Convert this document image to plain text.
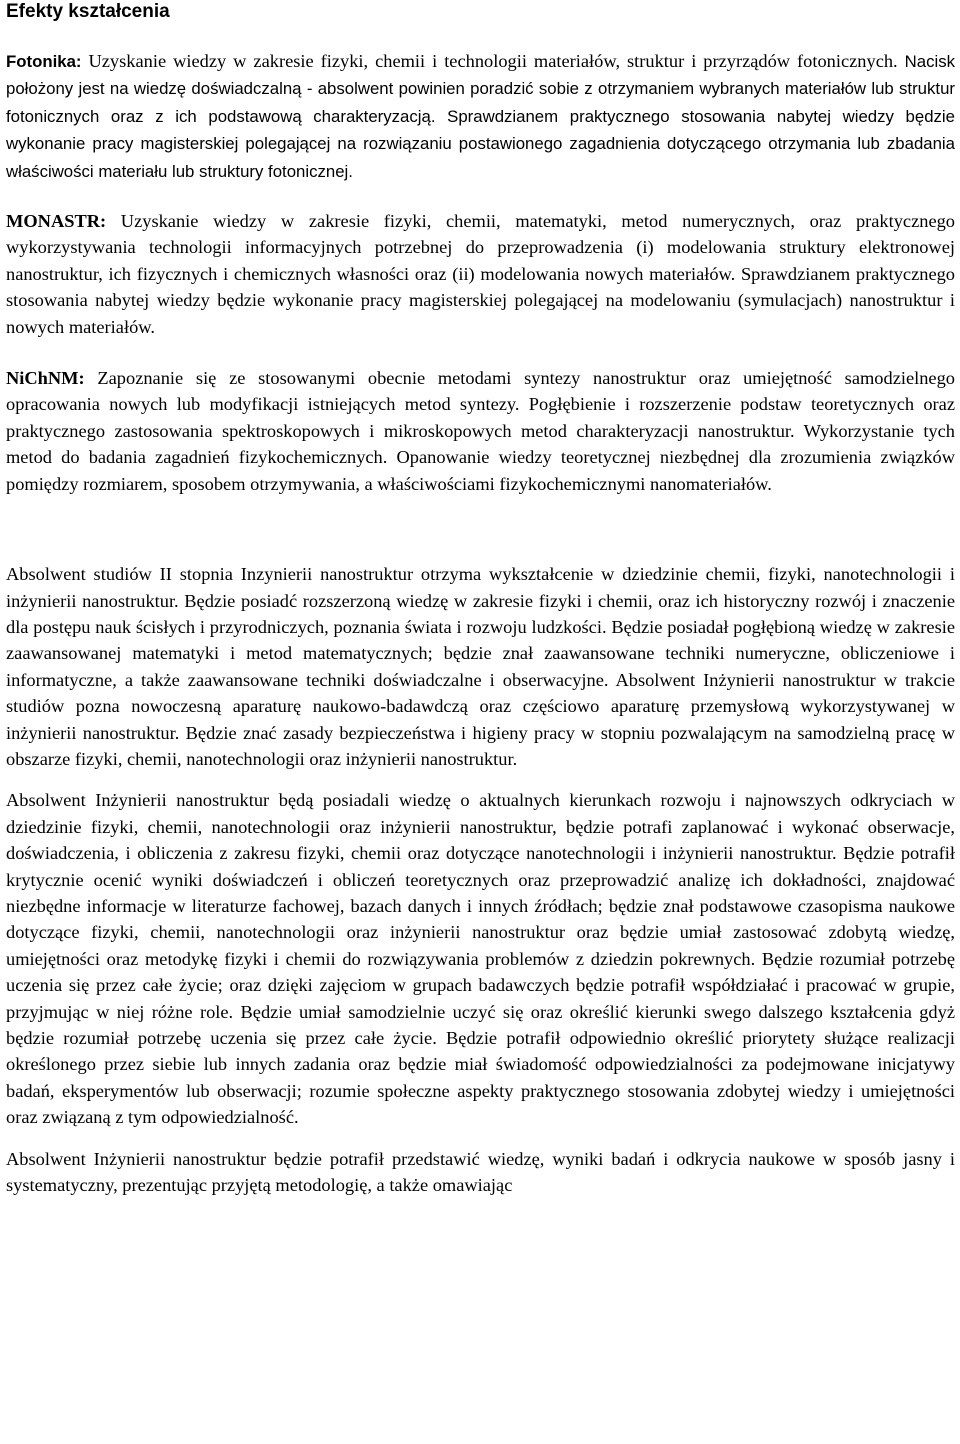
Efekty kształcenia

Fotonika: Uzyskanie wiedzy w zakresie fizyki, chemii i technologii materiałów, struktur i przyrządów fotonicznych. Nacisk położony jest na wiedzę doświadczalną - absolwent powinien poradzić sobie z otrzymaniem wybranych materiałów lub struktur fotonicznych oraz z ich podstawową charakteryzacją. Sprawdzianem praktycznego stosowania nabytej wiedzy będzie wykonanie pracy magisterskiej polegającej na rozwiązaniu postawionego zagadnienia dotyczącego otrzymania lub zbadania właściwości materiału lub struktury fotonicznej.

MONASTR: Uzyskanie wiedzy w zakresie fizyki, chemii, matematyki, metod numerycznych, oraz praktycznego wykorzystywania technologii informacyjnych potrzebnej do przeprowadzenia (i) modelowania struktury elektronowej nanostruktur, ich fizycznych i chemicznych własności oraz (ii) modelowania nowych materiałów. Sprawdzianem praktycznego stosowania nabytej wiedzy będzie wykonanie pracy magisterskiej polegającej na modelowaniu (symulacjach) nanostruktur i nowych materiałów.

NiChNM: Zapoznanie się ze stosowanymi obecnie metodami syntezy nanostruktur oraz umiejętność samodzielnego opracowania nowych lub modyfikacji istniejących metod syntezy. Pogłębienie i rozszerzenie podstaw teoretycznych oraz praktycznego zastosowania spektroskopowych i mikroskopowych metod charakteryzacji nanostruktur. Wykorzystanie tych metod do badania zagadnień fizykochemicznych. Opanowanie wiedzy teoretycznej niezbędnej dla zrozumienia związków pomiędzy rozmiarem, sposobem otrzymywania, a właściwościami fizykochemicznymi nanomateriałów.

Absolwent studiów II stopnia Inzynierii nanostruktur otrzyma wykształcenie w dziedzinie chemii, fizyki, nanotechnologii i inżynierii nanostruktur. Będzie posiadć rozszerzoną wiedzę w zakresie fizyki i chemii, oraz ich historyczny rozwój i znaczenie dla postępu nauk ścisłych i przyrodniczych, poznania świata i rozwoju ludzkości. Będzie posiadał pogłębioną wiedzę w zakresie zaawansowanej matematyki i metod matematycznych; będzie znał zaawansowane techniki numeryczne, obliczeniowe i informatyczne, a także zaawansowane techniki doświadczalne i obserwacyjne. Absolwent Inżynierii nanostruktur w trakcie studiów pozna nowoczesną aparaturę naukowo-badawdczą oraz częściowo aparaturę przemysłową wykorzystywanej w inżynierii nanostruktur. Będzie znać zasady bezpieczeństwa i higieny pracy w stopniu pozwalającym na samodzielną pracę w obszarze fizyki, chemii, nanotechnologii oraz inżynierii nanostruktur.

Absolwent Inżynierii nanostruktur będą posiadali wiedzę o aktualnych kierunkach rozwoju i najnowszych odkryciach w dziedzinie fizyki, chemii, nanotechnologii oraz inżynierii nanostruktur, będzie potrafi zaplanować i wykonać obserwacje, doświadczenia, i obliczenia z zakresu fizyki, chemii oraz dotyczące nanotechnologii i inżynierii nanostruktur. Będzie potrafił krytycznie ocenić wyniki doświadczeń i obliczeń teoretycznych oraz przeprowadzić analizę ich dokładności, znajdować niezbędne informacje w literaturze fachowej, bazach danych i innych źródłach; będzie znał podstawowe czasopisma naukowe dotyczące fizyki, chemii, nanotechnologii oraz inżynierii nanostruktur oraz będzie umiał zastosować zdobytą wiedzę, umiejętności oraz metodykę fizyki i chemii do rozwiązywania problemów z dziedzin pokrewnych. Będzie rozumiał potrzebę uczenia się przez całe życie; oraz dzięki zajęciom w grupach badawczych będzie potrafił współdziałać i pracować w grupie, przyjmując w niej różne role. Będzie umiał samodzielnie uczyć się oraz określić kierunki swego dalszego kształcenia gdyż będzie rozumiał potrzebę uczenia się przez całe życie. Będzie potrafił odpowiednio określić priorytety służące realizacji określonego przez siebie lub innych zadania oraz będzie miał świadomość odpowiedzialności za podejmowane inicjatywy badań, eksperymentów lub obserwacji; rozumie społeczne aspekty praktycznego stosowania zdobytej wiedzy i umiejętności oraz związaną z tym odpowiedzialność.

Absolwent Inżynierii nanostruktur będzie potrafił przedstawić wiedzę, wyniki badań i odkrycia naukowe w sposób jasny i systematyczny, prezentując przyjętą metodologię, a także omawiając
